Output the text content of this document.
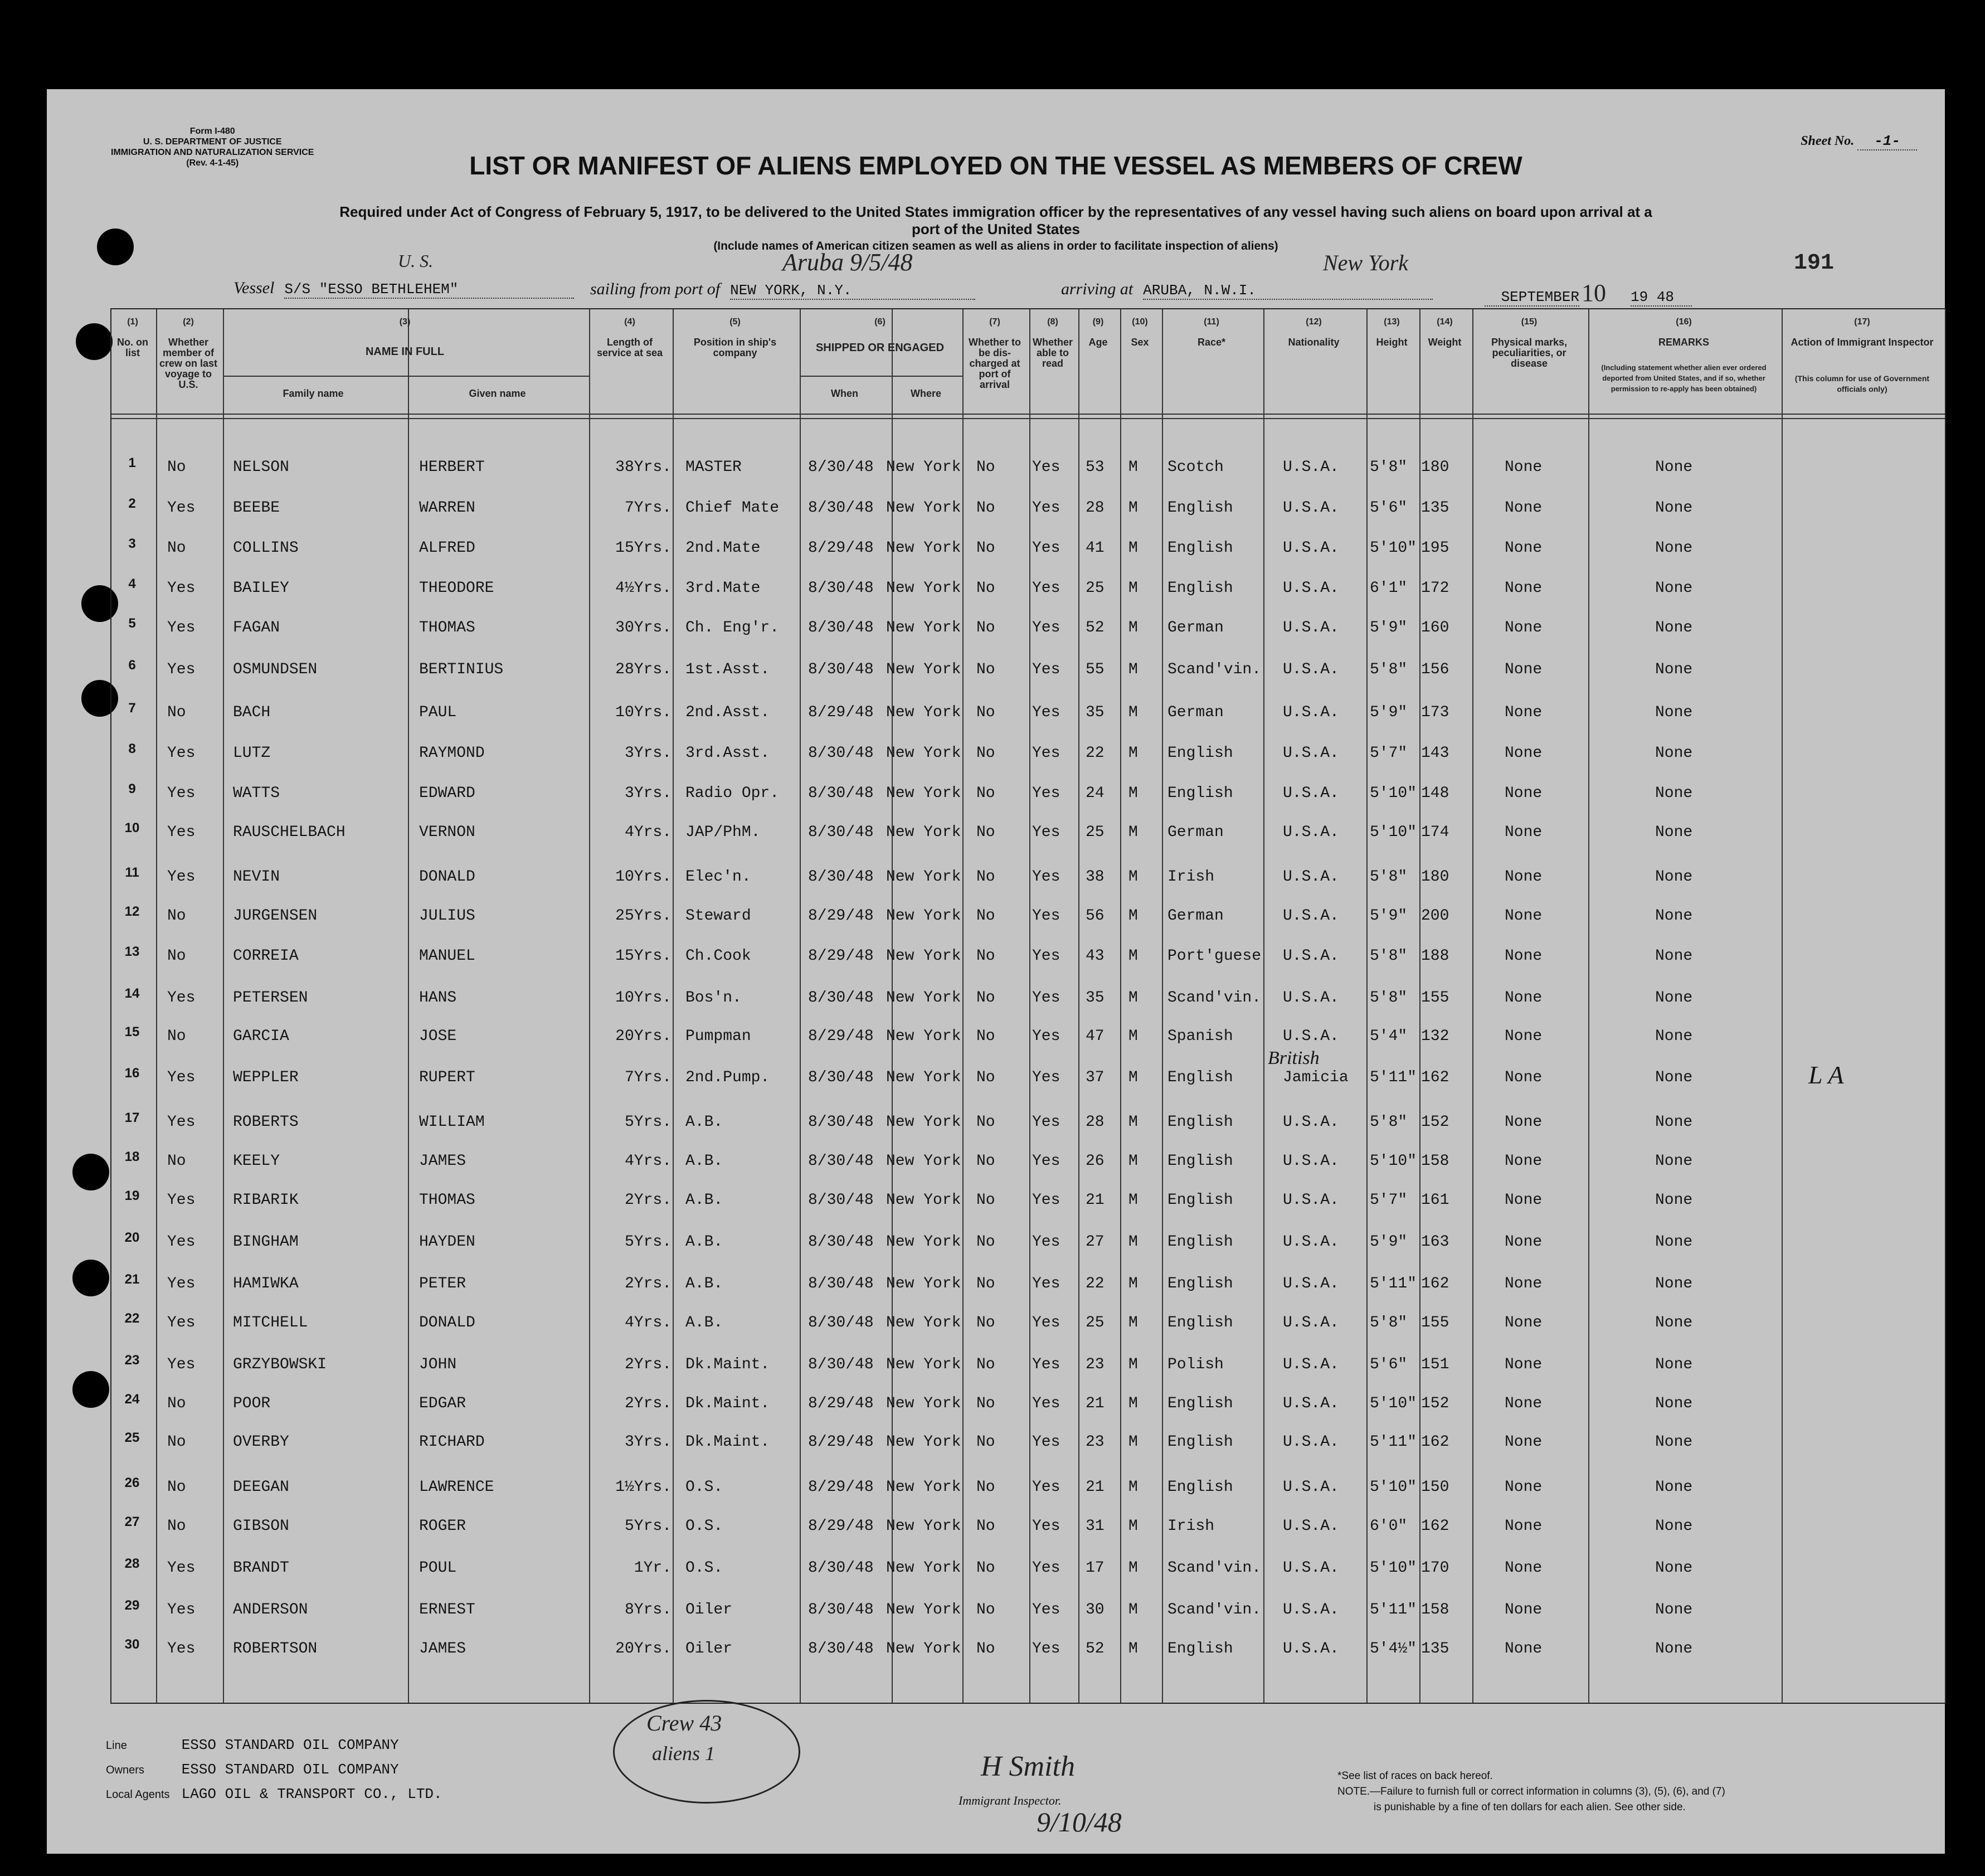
Form I-480
U. S. DEPARTMENT OF JUSTICE
IMMIGRATION AND NATURALIZATION SERVICE
(Rev. 4-1-45)
Sheet No. -1-
LIST OR MANIFEST OF ALIENS EMPLOYED ON THE VESSEL AS MEMBERS OF CREW
Required under Act of Congress of February 5, 1917, to be delivered to the United States immigration officer by the representatives of any vessel having such aliens on board upon arrival at a
port of the United States
(Include names of American citizen seamen as well as aliens in order to facilitate inspection of aliens)
191
U. S.	Aruba 9/5/48	New York
Vessel S/S "ESSO BETHLEHEM"	sailing from port of NEW YORK, N.Y.	arriving at ARUBA, N.W.I.	SEPTEMBER 10 19 48
(1)
No. on list
(2)
Whether member of crew on last voyage to U.S.
(4)
Length of service at sea
(5)
Position in ship's company
(7)
Whether to be dis-charged at port of arrival
(8)
Whether able to read
(9)
Age
(10)
Sex
(11)
Race*
(12)
Nationality
(13)
Height
(14)
Weight
(15)
Physical marks, peculiarities, or disease
(16)
REMARKS
(17)
Action of Immigrant Inspector
(This column for use of Government officials only)
(Including statement whether alien ever ordered deported from United States, and if so, whether permission to re-apply has been obtained)
(3)
NAME IN FULL
Family name	Given name
(6)
SHIPPED OR ENGAGED
When	Where
1	No	NELSON	HERBERT	38Yrs. MASTER	8/30/48 New York No	Yes	53	M	Scotch	U.S.A.	5'8" 180	None	None
2	Yes	BEEBE	WARREN	7Yrs. Chief Mate	8/30/48 New York No	Yes	28	M	English	U.S.A.	5'6" 135	None	None
3	No	COLLINS	ALFRED	15Yrs. 2nd.Mate	8/29/48 New York No	Yes	41	M	English	U.S.A.	5'10" 195	None	None
4	Yes	BAILEY	THEODORE	4½Yrs. 3rd.Mate	8/30/48 New York No	Yes	25	M	English	U.S.A.	6'1" 172	None	None
5	Yes	FAGAN	THOMAS	30Yrs. Ch. Eng'r.	8/30/48 New York No	Yes	52	M	German	U.S.A.	5'9" 160	None	None
6	Yes	OSMUNDSEN	BERTINIUS	28Yrs. 1st.Asst.	8/30/48 New York No	Yes	55	M	Scand'vin.	U.S.A.	5'8" 156	None	None
7	No	BACH	PAUL	10Yrs. 2nd.Asst.	8/29/48 New York No	Yes	35	M	German	U.S.A.	5'9" 173	None	None
8	Yes	LUTZ	RAYMOND	3Yrs. 3rd.Asst.	8/30/48 New York No	Yes	22	M	English	U.S.A.	5'7" 143	None	None
9	Yes	WATTS	EDWARD	3Yrs. Radio Opr.	8/30/48 New York No	Yes	24	M	English	U.S.A.	5'10" 148	None	None
10	Yes	RAUSCHELBACH	VERNON	4Yrs. JAP/PhM.	8/30/48 New York No	Yes	25	M	German	U.S.A.	5'10" 174	None	None
11	Yes	NEVIN	DONALD	10Yrs. Elec'n.	8/30/48 New York No	Yes	38	M	Irish	U.S.A.	5'8" 180	None	None
12	No	JURGENSEN	JULIUS	25Yrs. Steward	8/29/48 New York No	Yes	56	M	German	U.S.A.	5'9" 200	None	None
13	No	CORREIA	MANUEL	15Yrs. Ch.Cook	8/29/48 New York No	Yes	43	M	Port'guese	U.S.A.	5'8" 188	None	None
14	Yes	PETERSEN	HANS	10Yrs. Bos'n.	8/30/48 New York No	Yes	35	M	Scand'vin.	U.S.A.	5'8" 155	None	None
15	No	GARCIA	JOSE	20Yrs. Pumpman	8/29/48 New York No	Yes	47	M	Spanish	U.S.A.	5'4" 132	None	None
16	Yes	WEPPLER	RUPERT	7Yrs. 2nd.Pump.	8/30/48 New York No	Yes	37	M	English	Jamicia	5'11" 162	None	None	L A
17	Yes	ROBERTS	WILLIAM	5Yrs. A.B.	8/30/48 New York No	Yes	28	M	English	U.S.A.	5'8" 152	None	None
18	No	KEELY	JAMES	4Yrs. A.B.	8/30/48 New York No	Yes	26	M	English	U.S.A.	5'10" 158	None	None
19	Yes	RIBARIK	THOMAS	2Yrs. A.B.	8/30/48 New York No	Yes	21	M	English	U.S.A.	5'7" 161	None	None
20	Yes	BINGHAM	HAYDEN	5Yrs. A.B.	8/30/48 New York No	Yes	27	M	English	U.S.A.	5'9" 163	None	None
21	Yes	HAMIWKA	PETER	2Yrs. A.B.	8/30/48 New York No	Yes	22	M	English	U.S.A.	5'11" 162	None	None
22	Yes	MITCHELL	DONALD	4Yrs. A.B.	8/30/48 New York No	Yes	25	M	English	U.S.A.	5'8" 155	None	None
23	Yes	GRZYBOWSKI	JOHN	2Yrs. Dk.Maint.	8/30/48 New York No	Yes	23	M	Polish	U.S.A.	5'6" 151	None	None
24	No	POOR	EDGAR	2Yrs. Dk.Maint.	8/29/48 New York No	Yes	21	M	English	U.S.A.	5'10" 152	None	None
25	No	OVERBY	RICHARD	3Yrs. Dk.Maint.	8/29/48 New York No	Yes	23	M	English	U.S.A.	5'11" 162	None	None
26	No	DEEGAN	LAWRENCE	1½Yrs. O.S.	8/29/48 New York No	Yes	21	M	English	U.S.A.	5'10" 150	None	None
27	No	GIBSON	ROGER	5Yrs. O.S.	8/29/48 New York No	Yes	31	M	Irish	U.S.A.	6'0" 162	None	None
28	Yes	BRANDT	POUL	1Yr. O.S.	8/30/48 New York No	Yes	17	M	Scand'vin.	U.S.A.	5'10" 170	None	None
29	Yes	ANDERSON	ERNEST	8Yrs. Oiler	8/30/48 New York No	Yes	30	M	Scand'vin.	U.S.A.	5'11" 158	None	None
30	Yes	ROBERTSON	JAMES	20Yrs. Oiler	8/30/48 New York No	Yes	52	M	English	U.S.A.	5'4½" 135	None	None
British
Line	ESSO STANDARD OIL COMPANY
Owners	ESSO STANDARD OIL COMPANY
Local Agents LAGO OIL & TRANSPORT CO., LTD.
Crew 43
aliens 1	H Smith
Immigrant Inspector.
9/10/48
*See list of races on back hereof.
NOTE.—Failure to furnish full or correct information in columns (3), (5), (6), and (7)
is punishable by a fine of ten dollars for each alien. See other side.
